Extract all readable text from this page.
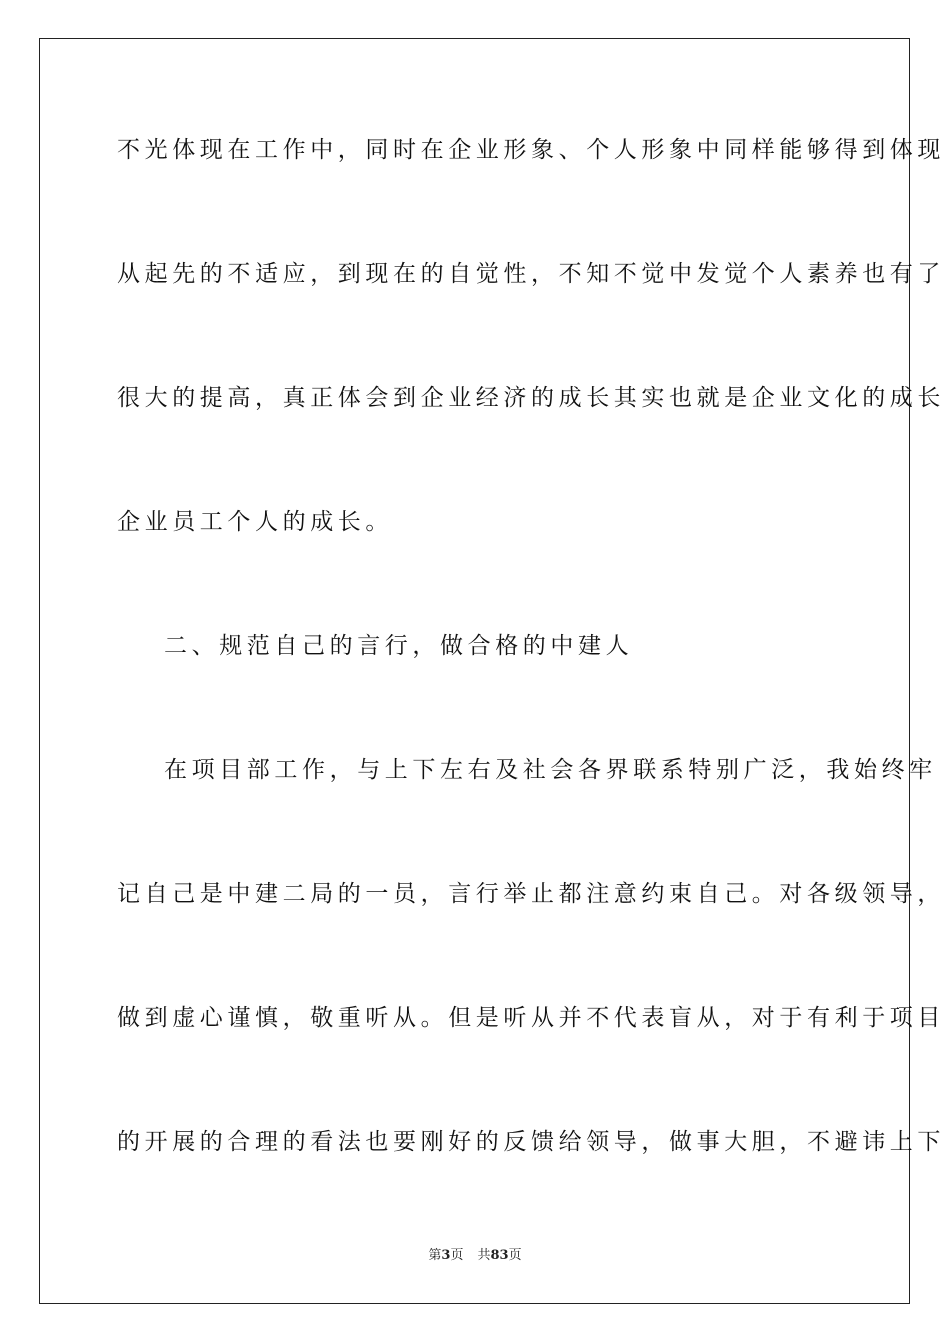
不光体现在工作中，同时在企业形象、个人形象中同样能够得到体现
从起先的不适应，到现在的自觉性，不知不觉中发觉个人素养也有了
很大的提高，真正体会到企业经济的成长其实也就是企业文化的成长
企业员工个人的成长。
二、规范自己的言行，做合格的中建人
在项目部工作，与上下左右及社会各界联系特别广泛，我始终牢
记自己是中建二局的一员，言行举止都注意约束自己。对各级领导，
做到虚心谨慎，敬重听从。但是听从并不代表盲从，对于有利于项目
的开展的合理的看法也要刚好的反馈给领导，做事大胆，不避讳上下
第3页 共83页
